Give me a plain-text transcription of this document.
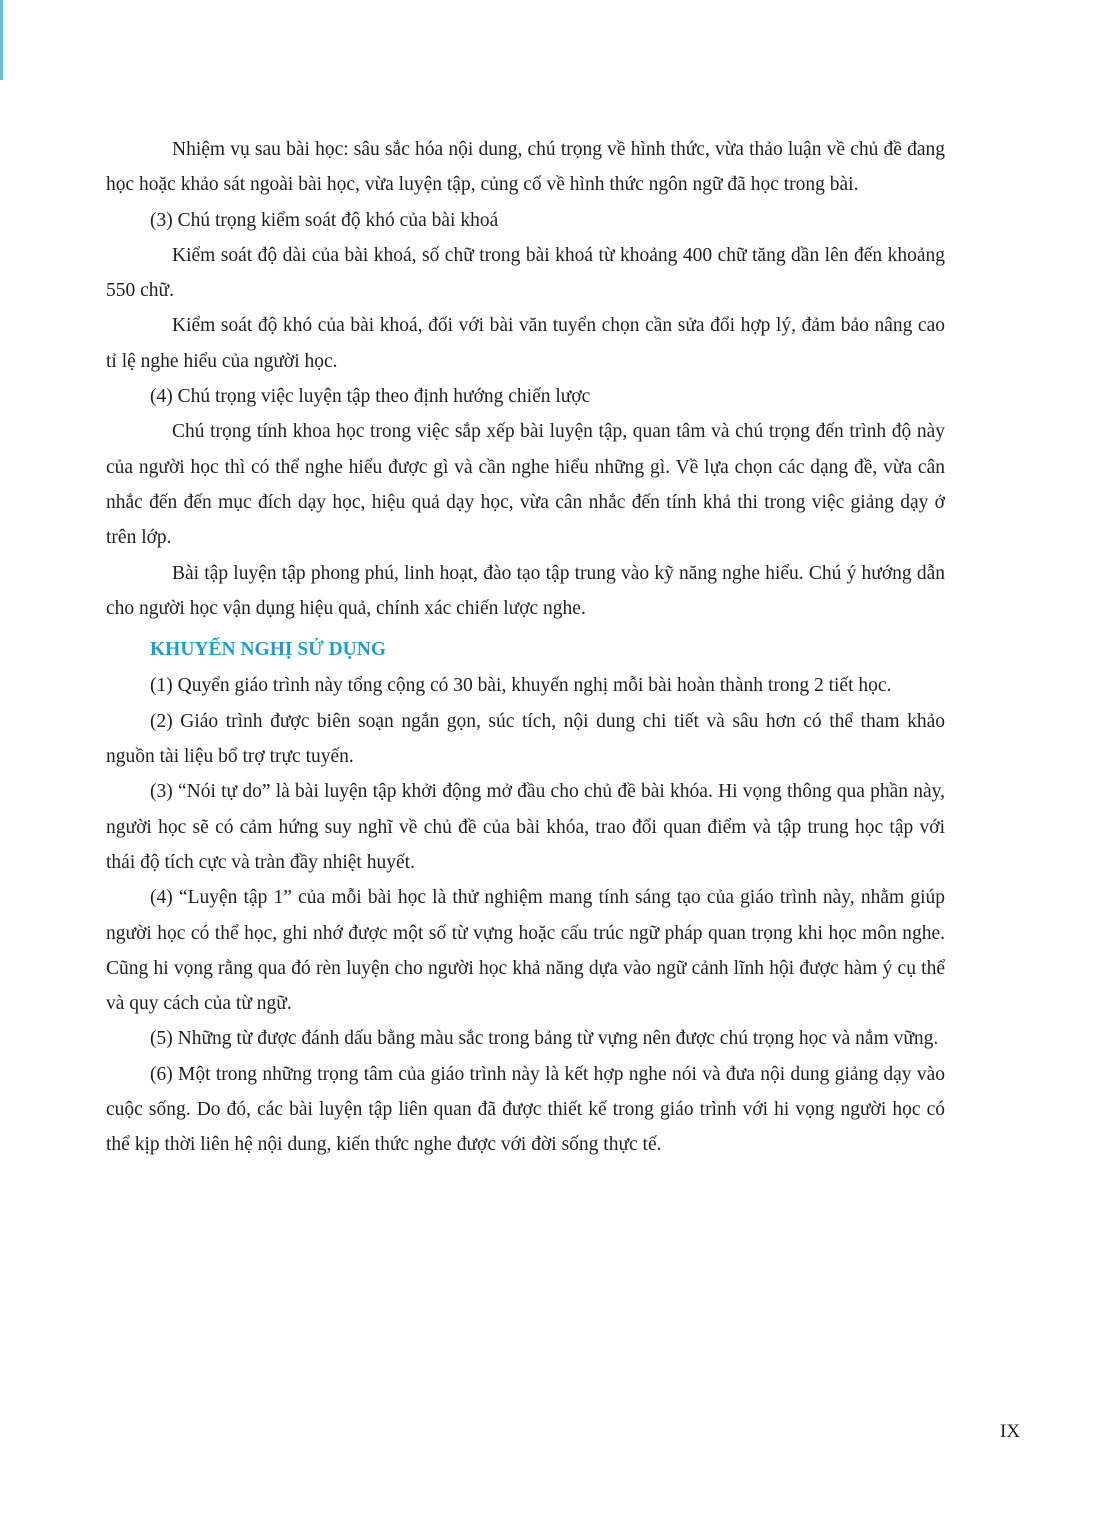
Nhiệm vụ sau bài học: sâu sắc hóa nội dung, chú trọng về hình thức, vừa thảo luận về chủ đề đang học hoặc khảo sát ngoài bài học, vừa luyện tập, củng cố về hình thức ngôn ngữ đã học trong bài.

(3) Chú trọng kiểm soát độ khó của bài khoá

Kiểm soát độ dài của bài khoá, số chữ trong bài khoá từ khoảng 400 chữ tăng dần lên đến khoảng 550 chữ.

Kiểm soát độ khó của bài khoá, đối với bài văn tuyển chọn cần sửa đổi hợp lý, đảm bảo nâng cao tỉ lệ nghe hiểu của người học.

(4) Chú trọng việc luyện tập theo định hướng chiến lược

Chú trọng tính khoa học trong việc sắp xếp bài luyện tập, quan tâm và chú trọng đến trình độ này của người học thì có thể nghe hiểu được gì và cần nghe hiểu những gì. Về lựa chọn các dạng đề, vừa cân nhắc đến đến mục đích dạy học, hiệu quả dạy học, vừa cân nhắc đến tính khả thi trong việc giảng dạy ở trên lớp.

Bài tập luyện tập phong phú, linh hoạt, đào tạo tập trung vào kỹ năng nghe hiểu. Chú ý hướng dẫn cho người học vận dụng hiệu quả, chính xác chiến lược nghe.

KHUYẾN NGHỊ SỬ DỤNG

(1) Quyển giáo trình này tổng cộng có 30 bài, khuyến nghị mỗi bài hoàn thành trong 2 tiết học.

(2) Giáo trình được biên soạn ngắn gọn, súc tích, nội dung chi tiết và sâu hơn có thể tham khảo nguồn tài liệu bổ trợ trực tuyến.

(3) “Nói tự do” là bài luyện tập khởi động mở đầu cho chủ đề bài khóa. Hi vọng thông qua phần này, người học sẽ có cảm hứng suy nghĩ về chủ đề của bài khóa, trao đổi quan điểm và tập trung học tập với thái độ tích cực và tràn đầy nhiệt huyết.

(4) “Luyện tập 1” của mỗi bài học là thử nghiệm mang tính sáng tạo của giáo trình này, nhằm giúp người học có thể học, ghi nhớ được một số từ vựng hoặc cấu trúc ngữ pháp quan trọng khi học môn nghe. Cũng hi vọng rằng qua đó rèn luyện cho người học khả năng dựa vào ngữ cảnh lĩnh hội được hàm ý cụ thể và quy cách của từ ngữ.

(5) Những từ được đánh dấu bằng màu sắc trong bảng từ vựng nên được chú trọng học và nắm vững.

(6) Một trong những trọng tâm của giáo trình này là kết hợp nghe nói và đưa nội dung giảng dạy vào cuộc sống. Do đó, các bài luyện tập liên quan đã được thiết kế trong giáo trình với hi vọng người học có thể kịp thời liên hệ nội dung, kiến thức nghe được với đời sống thực tế.

IX
